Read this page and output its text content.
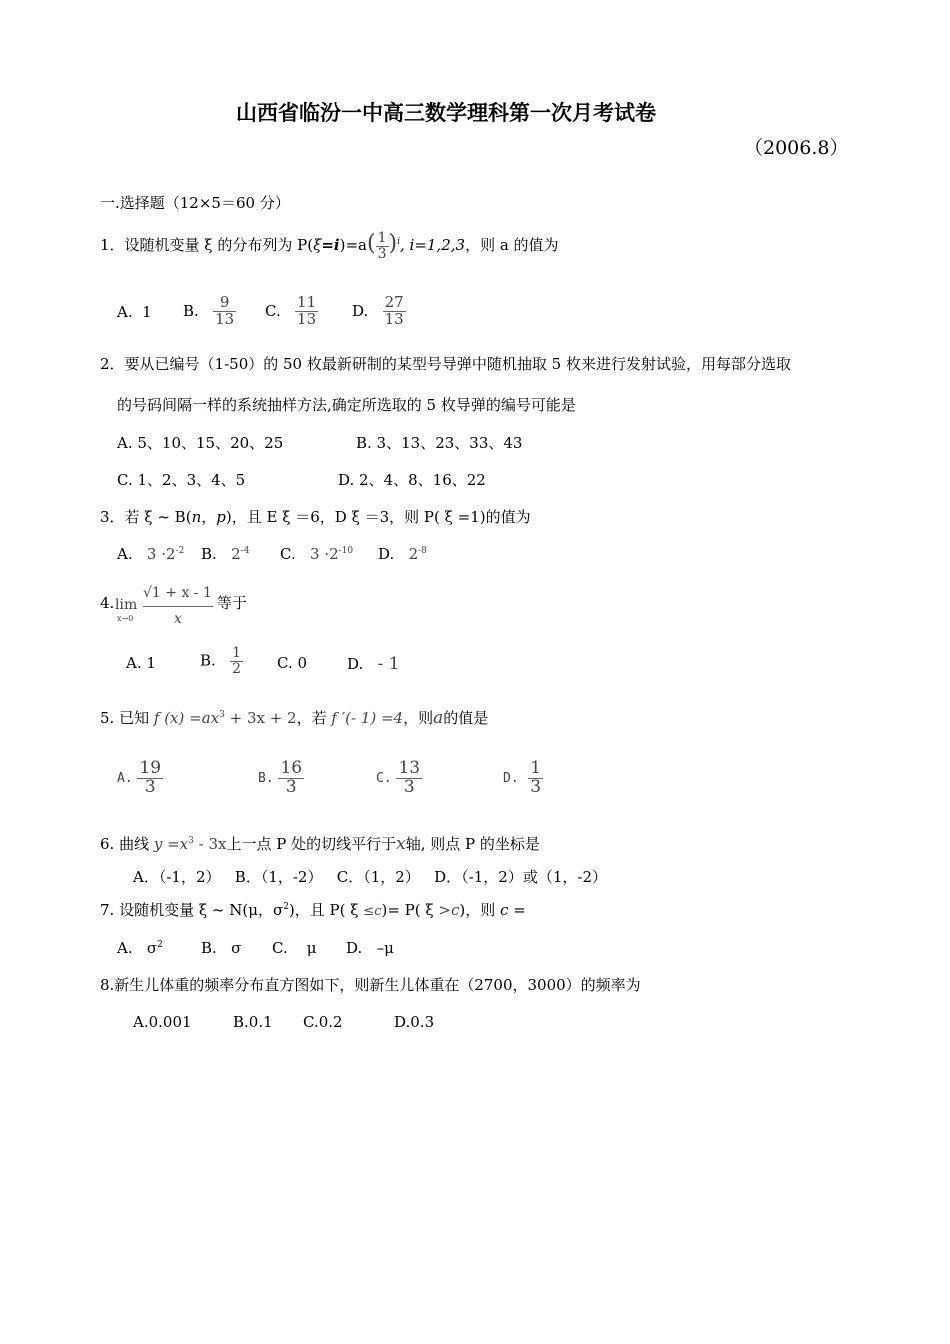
山西省临汾一中高三数学理科第一次月考试卷
（2006.8）
一.选择题（12×5＝60 分）
1．设随机变量 ξ 的分布列为 $P(\xi=i)=a( \frac{1}{3} )^i$, i=1,2,3，则 a 的值为
A. 1 B. $\frac{9}{13} C$. $\frac{11}{13} D$. $\frac{27}{13}$
2．要从已编号（1-50）的 50 枚最新研制的某型号导弹中随机抽取 5 枚来进行发射试验，用每部分选取
的号码间隔一样的系统抽样方法,确定所选取的 5 枚导弹的编号可能是
A. 5、10、15、20、25	B. 3、13、23、33、43
C. 1、2、3、4、5	D. 2、4、8、16、22
3．若 ξ ~ B(n，p)，且 E ξ ＝6，D ξ ＝3，则 P( ξ =1)的值为
A. $3 \cdot 2^{-2}$ B. $2^{-4}$ C. $3 \cdot 2^{-10}$ D. $2^{-8}$
4. lim
x→0
√1 + x - 1
x
等于
A. 1	B. $\frac{1}{2} C$. 0	D. - 1
5. 已知 f $(x) =ax^3 + 3x + 2$，若 f ′(- 1) =4，则a的值是
A. $\frac{19}{3}$	B. $\frac{16}{3}$	C. $\frac{13}{3}$	D. $\frac{1}{3}$
6. 曲线 $y =x^3 - 3x$上一点 P 处的切线平行于x轴, 则点 P 的坐标是
A．（-1，2）   B．（1，-2）   C．（1，2）   D．（-1，2）或（1，-2）
7. 设随机变量 ξ ~ N(μ，$\sigma^2$)，且 P( ξ ≤c)= P( ξ >c)，则 c =
A.   $\sigma^2$	B.   σ C.    μ D.   –μ
8.新生儿体重的频率分布直方图如下，则新生儿体重在（2700，3000）的频率为
A.0.001	B.0.1 C.0.2	D.0.3
